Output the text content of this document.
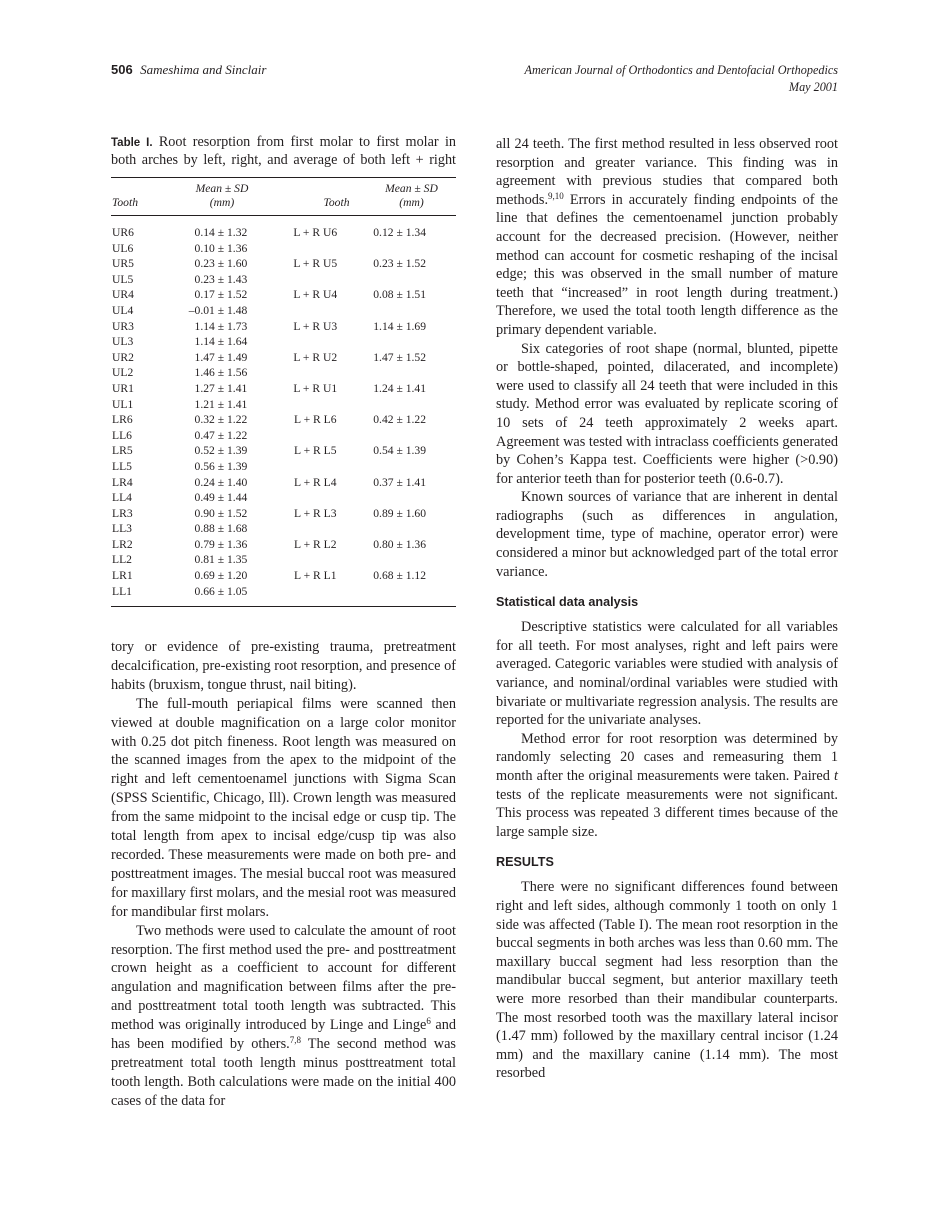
506 Sameshima and Sinclair	American Journal of Orthodontics and Dentofacial Orthopedics
May 2001

Table I. Root resorption from first molar to first molar in

both arches by left, right, and average of both left + right

	Mean ± SD		Mean ± SD
Tooth	(mm)	Tooth	(mm)
UR6	0.14 ± 1.32	L + R U6	0.12 ± 1.34
UL6	0.10 ± 1.36		
UR5	0.23 ± 1.60	L + R U5	0.23 ± 1.52
UL5	0.23 ± 1.43		
UR4	0.17 ± 1.52	L + R U4	0.08 ± 1.51
UL4	–0.01 ± 1.48		
UR3	1.14 ± 1.73	L + R U3	1.14 ± 1.69
UL3	1.14 ± 1.64		
UR2	1.47 ± 1.49	L + R U2	1.47 ± 1.52
UL2	1.46 ± 1.56		
UR1	1.27 ± 1.41	L + R U1	1.24 ± 1.41
UL1	1.21 ± 1.41		
LR6	0.32 ± 1.22	L + R L6	0.42 ± 1.22
LL6	0.47 ± 1.22		
LR5	0.52 ± 1.39	L + R L5	0.54 ± 1.39
LL5	0.56 ± 1.39		
LR4	0.24 ± 1.40	L + R L4	0.37 ± 1.41
LL4	0.49 ± 1.44		
LR3	0.90 ± 1.52	L + R L3	0.89 ± 1.60
LL3	0.88 ± 1.68		
LR2	0.79 ± 1.36	L + R L2	0.80 ± 1.36
LL2	0.81 ± 1.35		
LR1	0.69 ± 1.20	L + R L1	0.68 ± 1.12
LL1	0.66 ± 1.05		

tory or evidence of pre-existing trauma, pretreatment decalcification, pre-existing root resorption, and presence of habits (bruxism, tongue thrust, nail biting).

The full-mouth periapical films were scanned then viewed at double magnification on a large color monitor with 0.25 dot pitch fineness. Root length was measured on the scanned images from the apex to the midpoint of the right and left cementoenamel junctions with Sigma Scan (SPSS Scientific, Chicago, Ill). Crown length was measured from the same midpoint to the incisal edge or cusp tip. The total length from apex to incisal edge/cusp tip was also recorded. These measurements were made on both pre- and posttreatment images. The mesial buccal root was measured for maxillary first molars, and the mesial root was measured for mandibular first molars.

Two methods were used to calculate the amount of root resorption. The first method used the pre- and posttreatment crown height as a coefficient to account for different angulation and magnification between films after the pre- and posttreatment total tooth length was subtracted. This method was originally introduced by Linge and Linge$^6$ and has been modified by others.$^{7,8}$ The second method was pretreatment total tooth length minus posttreatment total tooth length. Both calculations were made on the initial 400 cases of the data for

all 24 teeth. The first method resulted in less observed root resorption and greater variance. This finding was in agreement with previous studies that compared both methods.$^{9,10}$ Errors in accurately finding endpoints of the line that defines the cementoenamel junction probably account for the decreased precision. (However, neither method can account for cosmetic reshaping of the incisal edge; this was observed in the small number of mature teeth that “increased” in root length during treatment.) Therefore, we used the total tooth length difference as the primary dependent variable.

Six categories of root shape (normal, blunted, pipette or bottle-shaped, pointed, dilacerated, and incomplete) were used to classify all 24 teeth that were included in this study. Method error was evaluated by replicate scoring of 10 sets of 24 teeth approximately 2 weeks apart. Agreement was tested with intraclass coefficients generated by Cohen’s Kappa test. Coefficients were higher (>0.90) for anterior teeth than for posterior teeth (0.6-0.7).

Known sources of variance that are inherent in dental radiographs (such as differences in angulation, development time, type of machine, operator error) were considered a minor but acknowledged part of the total error variance.

Statistical data analysis

Descriptive statistics were calculated for all variables for all teeth. For most analyses, right and left pairs were averaged. Categoric variables were studied with analysis of variance, and nominal/ordinal variables were studied with bivariate or multivariate regression analysis. The results are reported for the univariate analyses.

Method error for root resorption was determined by randomly selecting 20 cases and remeasuring them 1 month after the original measurements were taken. Paired t tests of the replicate measurements were not significant. This process was repeated 3 different times because of the large sample size.

RESULTS

There were no significant differences found between right and left sides, although commonly 1 tooth on only 1 side was affected (Table I). The mean root resorption in the buccal segments in both arches was less than 0.60 mm. The maxillary buccal segment had less resorption than the mandibular buccal segment, but anterior maxillary teeth were more resorbed than their mandibular counterparts. The most resorbed tooth was the maxillary lateral incisor (1.47 mm) followed by the maxillary central incisor (1.24 mm) and the maxillary canine (1.14 mm). The most resorbed
